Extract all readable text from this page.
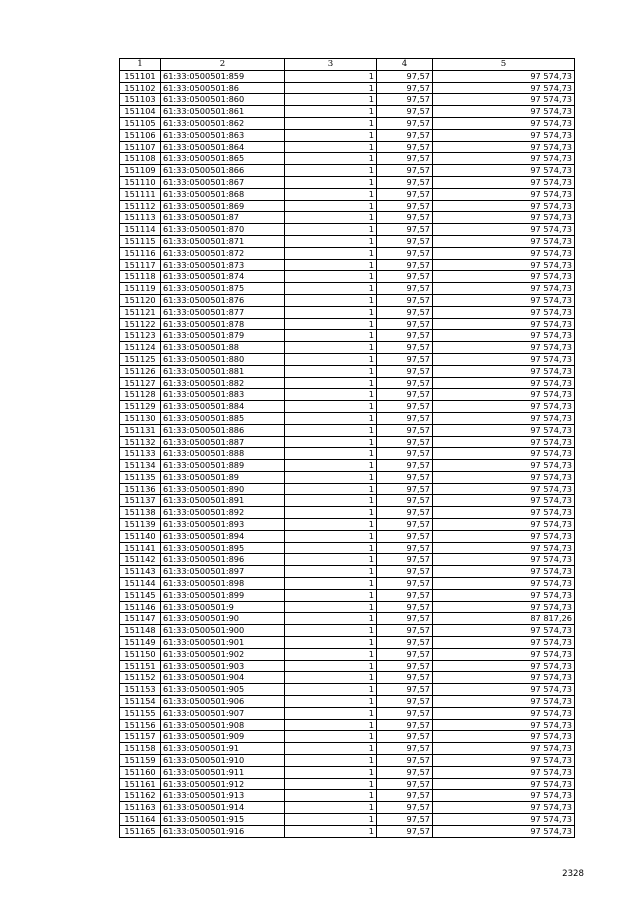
1	2	3	4	5
151101	61:33:0500501:859	1	97,57	97 574,73
151102	61:33:0500501:86	1	97,57	97 574,73
151103	61:33:0500501:860	1	97,57	97 574,73
151104	61:33:0500501:861	1	97,57	97 574,73
151105	61:33:0500501:862	1	97,57	97 574,73
151106	61:33:0500501:863	1	97,57	97 574,73
151107	61:33:0500501:864	1	97,57	97 574,73
151108	61:33:0500501:865	1	97,57	97 574,73
151109	61:33:0500501:866	1	97,57	97 574,73
151110	61:33:0500501:867	1	97,57	97 574,73
151111	61:33:0500501:868	1	97,57	97 574,73
151112	61:33:0500501:869	1	97,57	97 574,73
151113	61:33:0500501:87	1	97,57	97 574,73
151114	61:33:0500501:870	1	97,57	97 574,73
151115	61:33:0500501:871	1	97,57	97 574,73
151116	61:33:0500501:872	1	97,57	97 574,73
151117	61:33:0500501:873	1	97,57	97 574,73
151118	61:33:0500501:874	1	97,57	97 574,73
151119	61:33:0500501:875	1	97,57	97 574,73
151120	61:33:0500501:876	1	97,57	97 574,73
151121	61:33:0500501:877	1	97,57	97 574,73
151122	61:33:0500501:878	1	97,57	97 574,73
151123	61:33:0500501:879	1	97,57	97 574,73
151124	61:33:0500501:88	1	97,57	97 574,73
151125	61:33:0500501:880	1	97,57	97 574,73
151126	61:33:0500501:881	1	97,57	97 574,73
151127	61:33:0500501:882	1	97,57	97 574,73
151128	61:33:0500501:883	1	97,57	97 574,73
151129	61:33:0500501:884	1	97,57	97 574,73
151130	61:33:0500501:885	1	97,57	97 574,73
151131	61:33:0500501:886	1	97,57	97 574,73
151132	61:33:0500501:887	1	97,57	97 574,73
151133	61:33:0500501:888	1	97,57	97 574,73
151134	61:33:0500501:889	1	97,57	97 574,73
151135	61:33:0500501:89	1	97,57	97 574,73
151136	61:33:0500501:890	1	97,57	97 574,73
151137	61:33:0500501:891	1	97,57	97 574,73
151138	61:33:0500501:892	1	97,57	97 574,73
151139	61:33:0500501:893	1	97,57	97 574,73
151140	61:33:0500501:894	1	97,57	97 574,73
151141	61:33:0500501:895	1	97,57	97 574,73
151142	61:33:0500501:896	1	97,57	97 574,73
151143	61:33:0500501:897	1	97,57	97 574,73
151144	61:33:0500501:898	1	97,57	97 574,73
151145	61:33:0500501:899	1	97,57	97 574,73
151146	61:33:0500501:9	1	97,57	97 574,73
151147	61:33:0500501:90	1	97,57	87 817,26
151148	61:33:0500501:900	1	97,57	97 574,73
151149	61:33:0500501:901	1	97,57	97 574,73
151150	61:33:0500501:902	1	97,57	97 574,73
151151	61:33:0500501:903	1	97,57	97 574,73
151152	61:33:0500501:904	1	97,57	97 574,73
151153	61:33:0500501:905	1	97,57	97 574,73
151154	61:33:0500501:906	1	97,57	97 574,73
151155	61:33:0500501:907	1	97,57	97 574,73
151156	61:33:0500501:908	1	97,57	97 574,73
151157	61:33:0500501:909	1	97,57	97 574,73
151158	61:33:0500501:91	1	97,57	97 574,73
151159	61:33:0500501:910	1	97,57	97 574,73
151160	61:33:0500501:911	1	97,57	97 574,73
151161	61:33:0500501:912	1	97,57	97 574,73
151162	61:33:0500501:913	1	97,57	97 574,73
151163	61:33:0500501:914	1	97,57	97 574,73
151164	61:33:0500501:915	1	97,57	97 574,73
151165	61:33:0500501:916	1	97,57	97 574,73
2328
